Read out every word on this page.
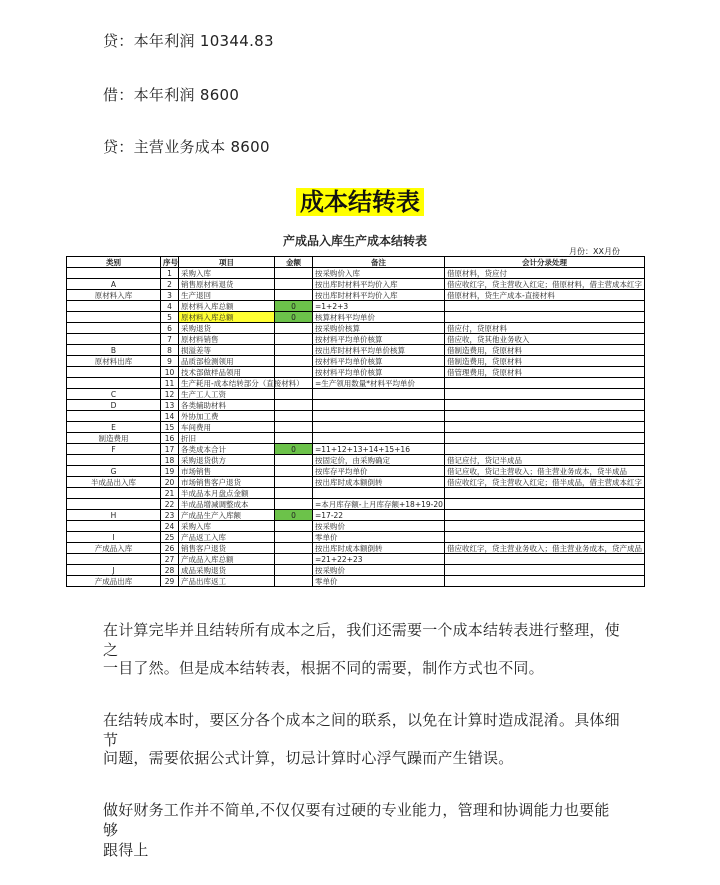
贷：本年利润 10344.83
借：本年利润 8600
贷：主营业务成本 8600
成本结转表
产成品入库生产成本结转表
月份：XX月份
类别	序号	项目	金额	备注	会计分录处理
	1	采购入库		按采购价入库	借原材料，贷应付
A	2	销售原材料退货		按出库时材料平均价入库	借应收红字，贷主营收入红定；借原材料，借主营成本红字
原材料入库	3	生产退回		按出库时材料平均价入库	借原材料，贷生产成本-直接材料
	4	原材料入库总额	0	=1+2+3	
	5	原材料入库总额	0	核算材料平均单价	
	6	采购退货		按采购价核算	借应付，贷原材料
	7	原材料销售		按材料平均单价核算	借应收，贷其他业务收入
B	8	损溢差等		按出库时材料平均单价核算	借制造费用，贷原材料
原材料出库	9	品质部检测领用		按材料平均单价核算	借制造费用，贷原材料
	10	技术部做样品领用		按材料平均单价核算	借管理费用，贷原材料
	11	生产耗用-成本结转部分（直接材料）		=生产领用数量*材料平均单价	
C	12	生产工人工资			
D	13	各类辅助材料			
	14	外协加工费			
E	15	车间费用			
制造费用	16	折旧			
F	17	各类成本合计	0	=11+12+13+14+15+16	
	18	采购退货供方		按固定价，由采购确定	借记应付，贷记半成品
G	19	市场销售		按库存平均单价	借记应收，贷记主营收入；借主营业务成本，贷半成品
半成品出入库	20	市场销售客户退货		按出库时成本额倒转	借应收红字，贷主营收入红定；借半成品，借主营成本红字
	21	半成品本月盘点金额			
	22	半成品增减调整成本		=本月库存额-上月库存额+18+19-20	
H	23	产成品生产入库额	0	=17-22	
	24	采购入库		按采购价	
I	25	产品返工入库		零单价	
产成品入库	26	销售客户退货		按出库时成本额倒转	借应收红字，贷主营业务收入；借主营业务成本，贷产成品
	27	产成品入库总额		=21+22+23	
J	28	成品采购退货		按采购价	
产成品出库	29	产品出库返工		零单价	
在计算完毕并且结转所有成本之后，我们还需要一个成本结转表进行整理，使之
一目了然。但是成本结转表，根据不同的需要，制作方式也不同。
在结转成本时，要区分各个成本之间的联系，以免在计算时造成混淆。具体细节
问题，需要依据公式计算，切忌计算时心浮气躁而产生错误。
做好财务工作并不简单,不仅仅要有过硬的专业能力，管理和协调能力也要能够
跟得上
